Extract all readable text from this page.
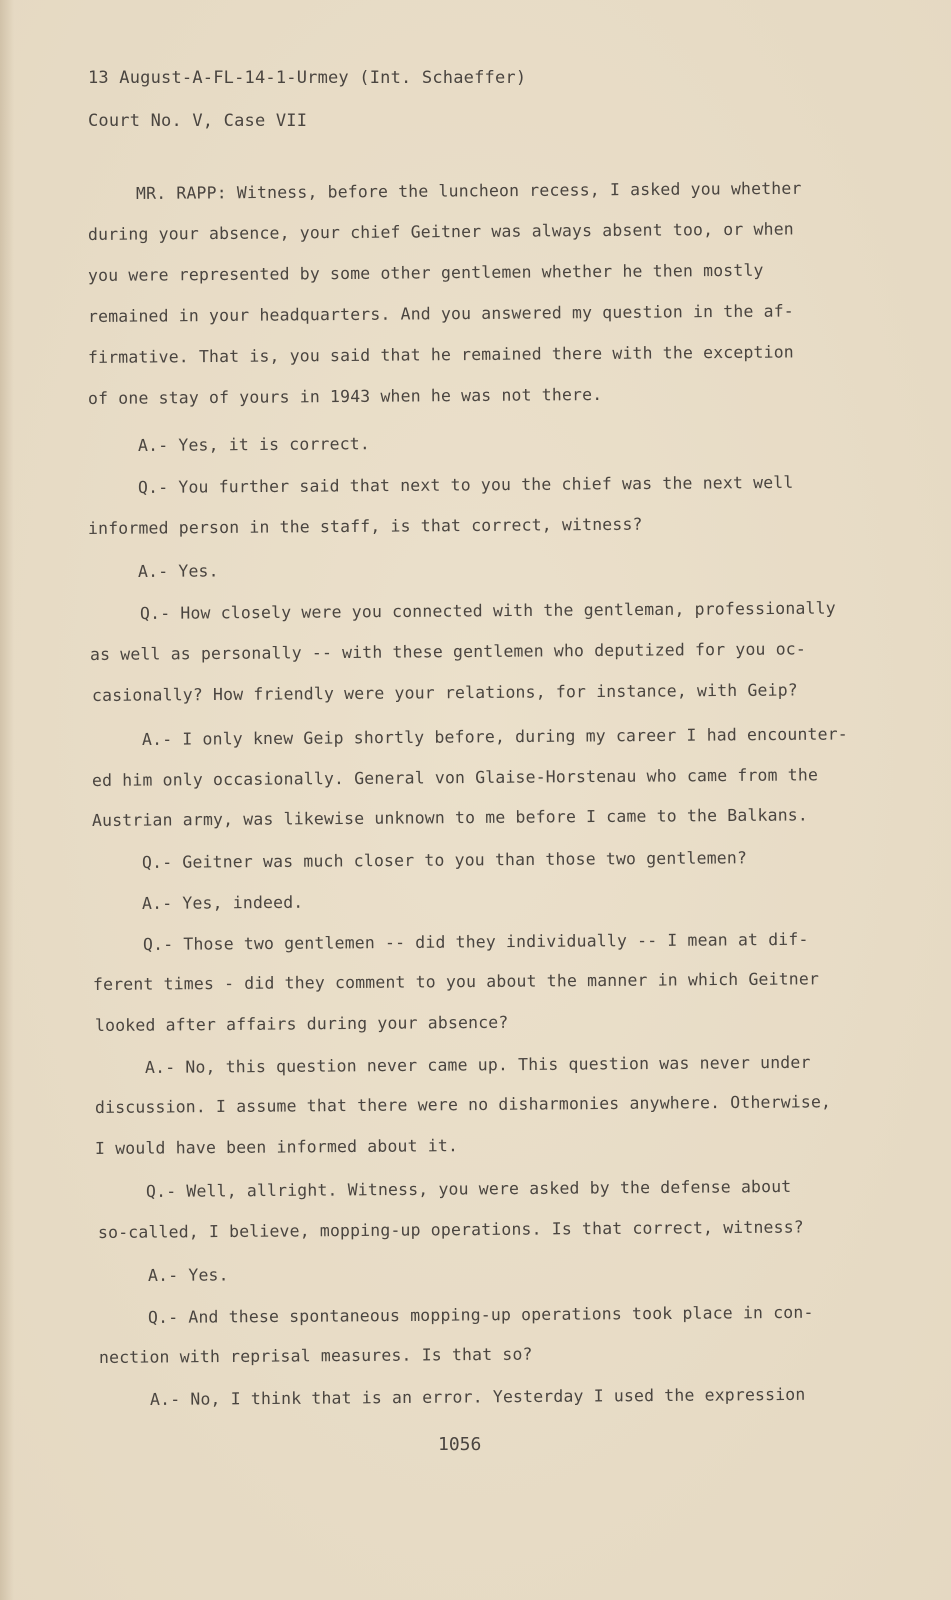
13 August-A-FL-14-1-Urmey (Int. Schaeffer)
Court No. V, Case VII
MR. RAPP: Witness, before the luncheon recess, I asked you whether
during your absence, your chief Geitner was always absent too, or when
you were represented by some other gentlemen whether he then mostly
remained in your headquarters. And you answered my question in the af-
firmative. That is, you said that he remained there with the exception
of one stay of yours in 1943 when he was not there.
A.- Yes, it is correct.
Q.- You further said that next to you the chief was the next well
informed person in the staff, is that correct, witness?
A.- Yes.
Q.- How closely were you connected with the gentleman, professionally
as well as personally -- with these gentlemen who deputized for you oc-
casionally? How friendly were your relations, for instance, with Geip?
A.- I only knew Geip shortly before, during my career I had encounter-
ed him only occasionally. General von Glaise-Horstenau who came from the
Austrian army, was likewise unknown to me before I came to the Balkans.
Q.- Geitner was much closer to you than those two gentlemen?
A.- Yes, indeed.
Q.- Those two gentlemen -- did they individually -- I mean at dif-
ferent times - did they comment to you about the manner in which Geitner
looked after affairs during your absence?
A.- No, this question never came up. This question was never under
discussion. I assume that there were no disharmonies anywhere. Otherwise,
I would have been informed about it.
Q.- Well, allright. Witness, you were asked by the defense about
so-called, I believe, mopping-up operations. Is that correct, witness?
A.- Yes.
Q.- And these spontaneous mopping-up operations took place in con-
nection with reprisal measures. Is that so?
A.- No, I think that is an error. Yesterday I used the expression
1056
